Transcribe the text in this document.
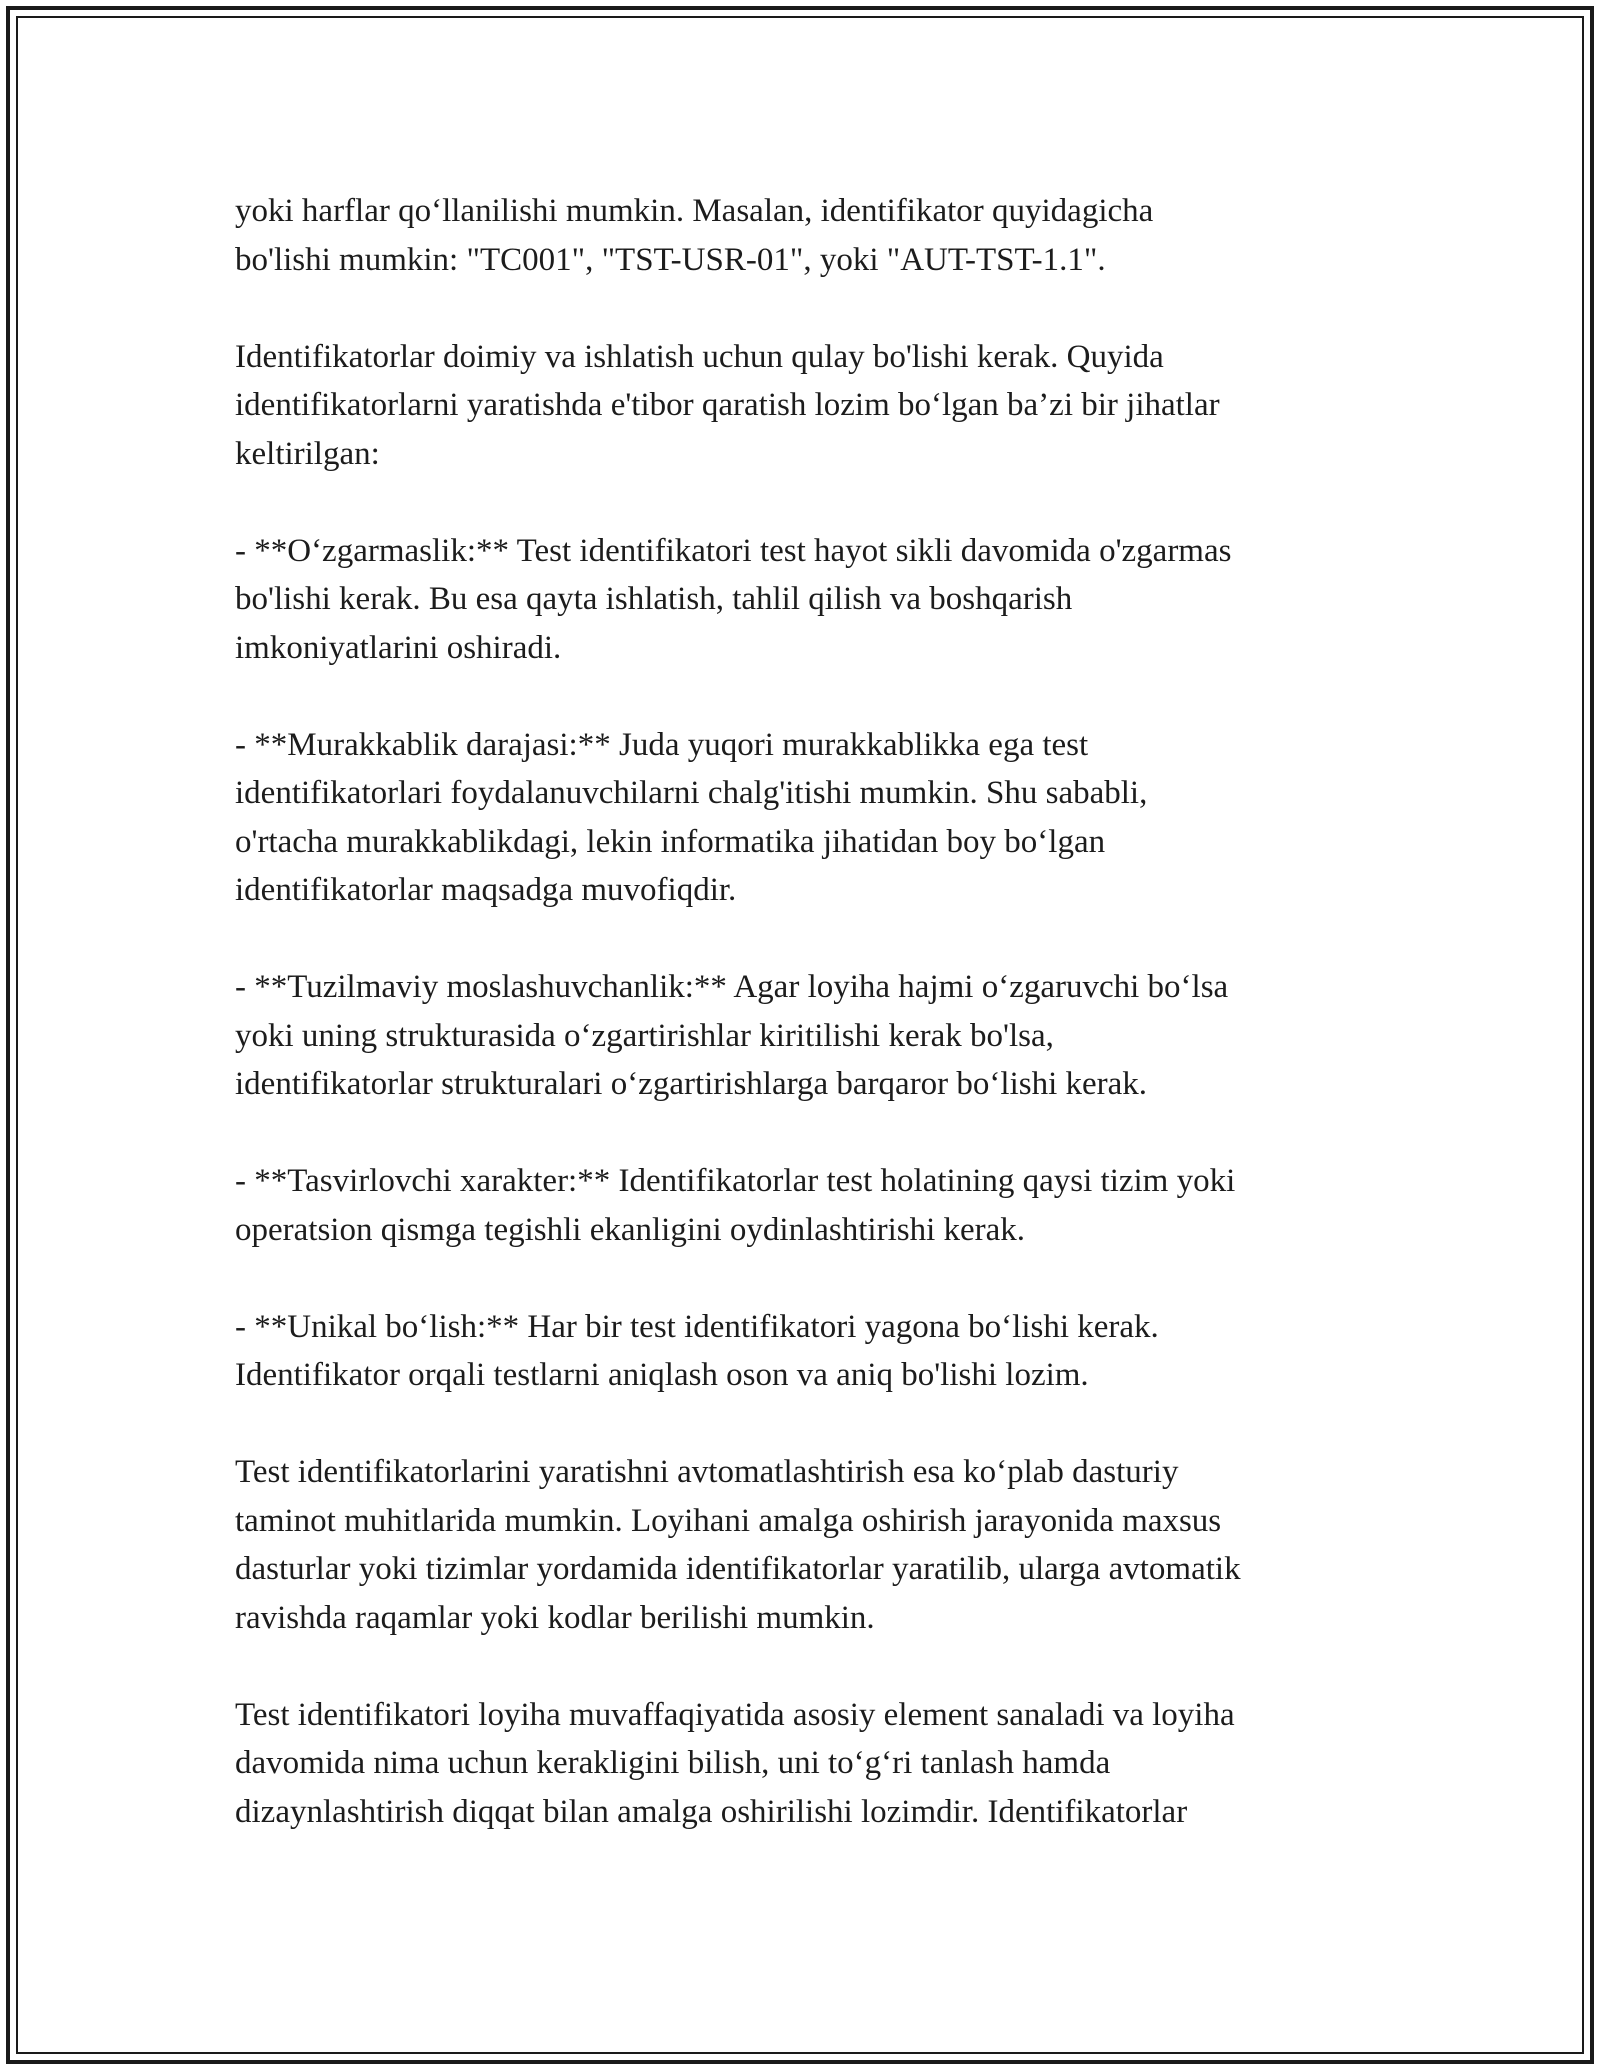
yoki harflar qo‘llanilishi mumkin. Masalan, identifikator quyidagicha
bo'lishi mumkin: "TC001", "TST-USR-01", yoki "AUT-TST-1.1".

Identifikatorlar doimiy va ishlatish uchun qulay bo'lishi kerak. Quyida
identifikatorlarni yaratishda e'tibor qaratish lozim bo‘lgan ba’zi bir jihatlar
keltirilgan:

- **O‘zgarmaslik:** Test identifikatori test hayot sikli davomida o'zgarmas
bo'lishi kerak. Bu esa qayta ishlatish, tahlil qilish va boshqarish
imkoniyatlarini oshiradi.

- **Murakkablik darajasi:** Juda yuqori murakkablikka ega test
identifikatorlari foydalanuvchilarni chalg'itishi mumkin. Shu sababli,
o'rtacha murakkablikdagi, lekin informatika jihatidan boy bo‘lgan
identifikatorlar maqsadga muvofiqdir.

- **Tuzilmaviy moslashuvchanlik:** Agar loyiha hajmi o‘zgaruvchi bo‘lsa
yoki uning strukturasida o‘zgartirishlar kiritilishi kerak bo'lsa,
identifikatorlar strukturalari o‘zgartirishlarga barqaror bo‘lishi kerak.

- **Tasvirlovchi xarakter:** Identifikatorlar test holatining qaysi tizim yoki
operatsion qismga tegishli ekanligini oydinlashtirishi kerak.

- **Unikal bo‘lish:** Har bir test identifikatori yagona bo‘lishi kerak.
Identifikator orqali testlarni aniqlash oson va aniq bo'lishi lozim.

Test identifikatorlarini yaratishni avtomatlashtirish esa ko‘plab dasturiy
taminot muhitlarida mumkin. Loyihani amalga oshirish jarayonida maxsus
dasturlar yoki tizimlar yordamida identifikatorlar yaratilib, ularga avtomatik
ravishda raqamlar yoki kodlar berilishi mumkin.

Test identifikatori loyiha muvaffaqiyatida asosiy element sanaladi va loyiha
davomida nima uchun kerakligini bilish, uni to‘g‘ri tanlash hamda
dizaynlashtirish diqqat bilan amalga oshirilishi lozimdir. Identifikatorlar
